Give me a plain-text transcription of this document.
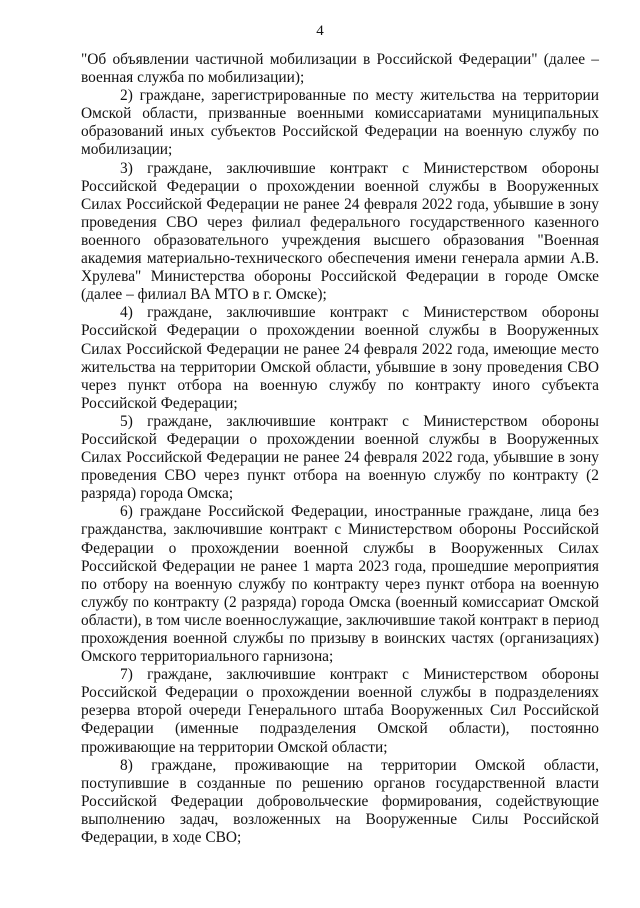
4

"Об объявлении частичной мобилизации в Российской Федерации" (далее – военная служба по мобилизации);

2) граждане, зарегистрированные по месту жительства на территории Омской области, призванные военными комиссариатами муниципальных образований иных субъектов Российской Федерации на военную службу по мобилизации;

3) граждане, заключившие контракт с Министерством обороны Российской Федерации о прохождении военной службы в Вооруженных Силах Российской Федерации не ранее 24 февраля 2022 года, убывшие в зону проведения СВО через филиал федерального государственного казенного военного образовательного учреждения высшего образования "Военная академия материально-технического обеспечения имени генерала армии А.В. Хрулева" Министерства обороны Российской Федерации в городе Омске (далее – филиал ВА МТО в г. Омске);

4) граждане, заключившие контракт с Министерством обороны Российской Федерации о прохождении военной службы в Вооруженных Силах Российской Федерации не ранее 24 февраля 2022 года, имеющие место жительства на территории Омской области, убывшие в зону проведения СВО через пункт отбора на военную службу по контракту иного субъекта Российской Федерации;

5) граждане, заключившие контракт с Министерством обороны Российской Федерации о прохождении военной службы в Вооруженных Силах Российской Федерации не ранее 24 февраля 2022 года, убывшие в зону проведения СВО через пункт отбора на военную службу по контракту (2 разряда) города Омска;

6) граждане Российской Федерации, иностранные граждане, лица без гражданства, заключившие контракт с Министерством обороны Российской Федерации о прохождении военной службы в Вооруженных Силах Российской Федерации не ранее 1 марта 2023 года, прошедшие мероприятия по отбору на военную службу по контракту через пункт отбора на военную службу по контракту (2 разряда) города Омска (военный комиссариат Омской области), в том числе военнослужащие, заключившие такой контракт в период прохождения военной службы по призыву в воинских частях (организациях) Омского территориального гарнизона;

7) граждане, заключившие контракт с Министерством обороны Российской Федерации о прохождении военной службы в подразделениях резерва второй очереди Генерального штаба Вооруженных Сил Российской Федерации (именные подразделения Омской области), постоянно проживающие на территории Омской области;

8) граждане, проживающие на территории Омской области, поступившие в созданные по решению органов государственной власти Российской Федерации добровольческие формирования, содействующие выполнению задач, возложенных на Вооруженные Силы Российской Федерации, в ходе СВО;
